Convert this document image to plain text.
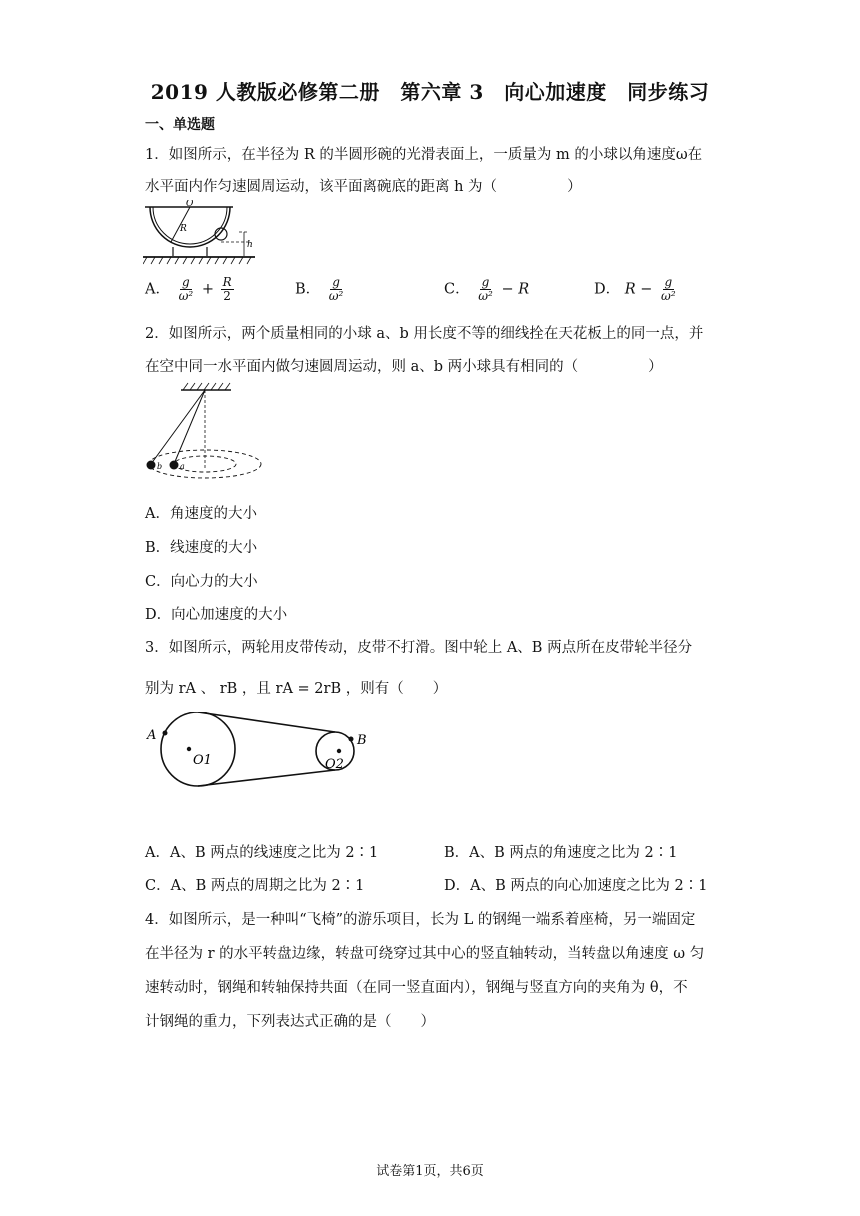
2019 人教版必修第二册　第六章 3　向心加速度　同步练习
一、单选题
1．如图所示，在半径为 R 的半圆形碗的光滑表面上，一质量为 m 的小球以角速度ω在
水平面内作匀速圆周运动，该平面离碗底的距离 h 为（	）
O
R
h
A． $\frac{g}{\text{ω²}} + \frac{R}{2}$	B． $\frac{g}{\text{ω²}}$	C． $\frac{g}{\text{ω²}} - R$	D． $R - \frac{g}{\text{ω²}}$
2．如图所示，两个质量相同的小球 a、b 用长度不等的细线拴在天花板上的同一点，并
在空中同一水平面内做匀速圆周运动，则 a、b 两小球具有相同的（	）
b a
A．角速度的大小
B．线速度的大小
C．向心力的大小
D．向心加速度的大小
3．如图所示，两轮用皮带传动，皮带不打滑。图中轮上 A、B 两点所在皮带轮半径分
别为 rA 、 rB ，且 rA = 2rB ，则有（　　）
A	B
O1	O2
A．A、B 两点的线速度之比为 2∶1	B．A、B 两点的角速度之比为 2∶1
C．A、B 两点的周期之比为 2∶1	D．A、B 两点的向心加速度之比为 2∶1
4．如图所示，是一种叫“飞椅”的游乐项目，长为 L 的钢绳一端系着座椅，另一端固定
在半径为 r 的水平转盘边缘，转盘可绕穿过其中心的竖直轴转动，当转盘以角速度 ω 匀
速转动时，钢绳和转轴保持共面（在同一竖直面内），钢绳与竖直方向的夹角为 θ，不
计钢绳的重力，下列表达式正确的是（　　）
试卷第1页，共6页
